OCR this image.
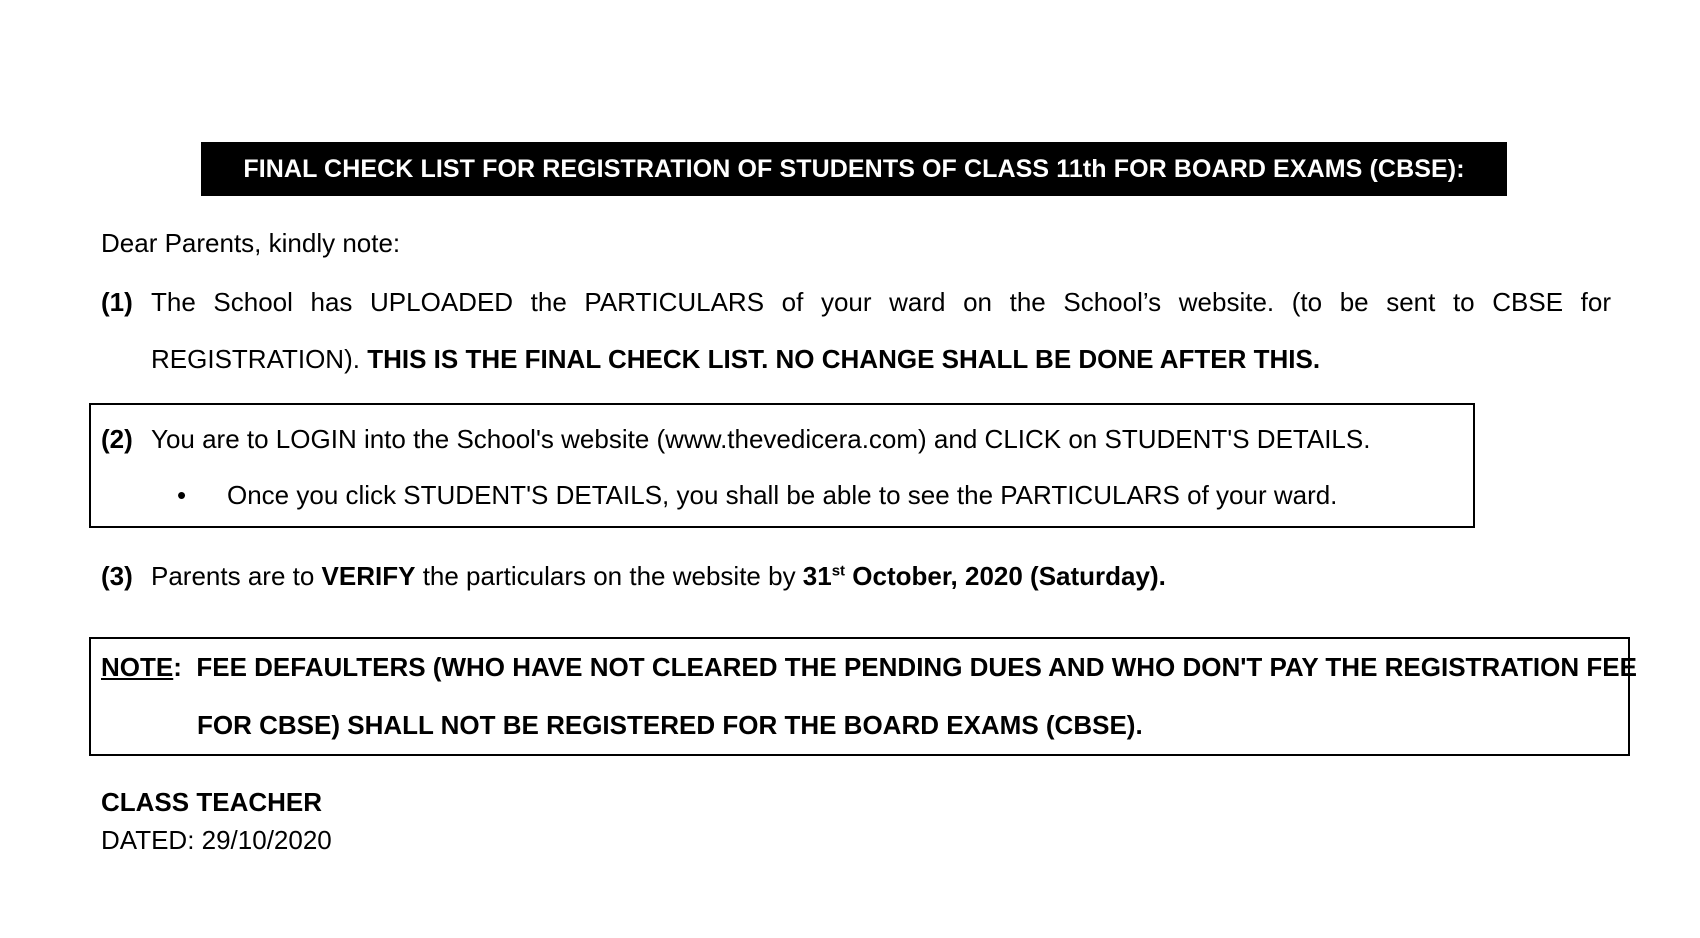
FINAL CHECK LIST FOR REGISTRATION OF STUDENTS OF CLASS 11th FOR BOARD EXAMS (CBSE):
Dear Parents, kindly note:
(1) The School has UPLOADED the PARTICULARS of your ward on the School’s website. (to be sent to CBSE for REGISTRATION). THIS IS THE FINAL CHECK LIST. NO CHANGE SHALL BE DONE AFTER THIS.
(2) You are to LOGIN into the School's website (www.thevedicera.com) and CLICK on STUDENT'S DETAILS.
• Once you click STUDENT'S DETAILS, you shall be able to see the PARTICULARS of your ward.
(3) Parents are to VERIFY the particulars on the website by 31st October, 2020 (Saturday).
NOTE: FEE DEFAULTERS (WHO HAVE NOT CLEARED THE PENDING DUES AND WHO DON'T PAY THE REGISTRATION FEE
FOR CBSE) SHALL NOT BE REGISTERED FOR THE BOARD EXAMS (CBSE).
CLASS TEACHER
DATED: 29/10/2020
